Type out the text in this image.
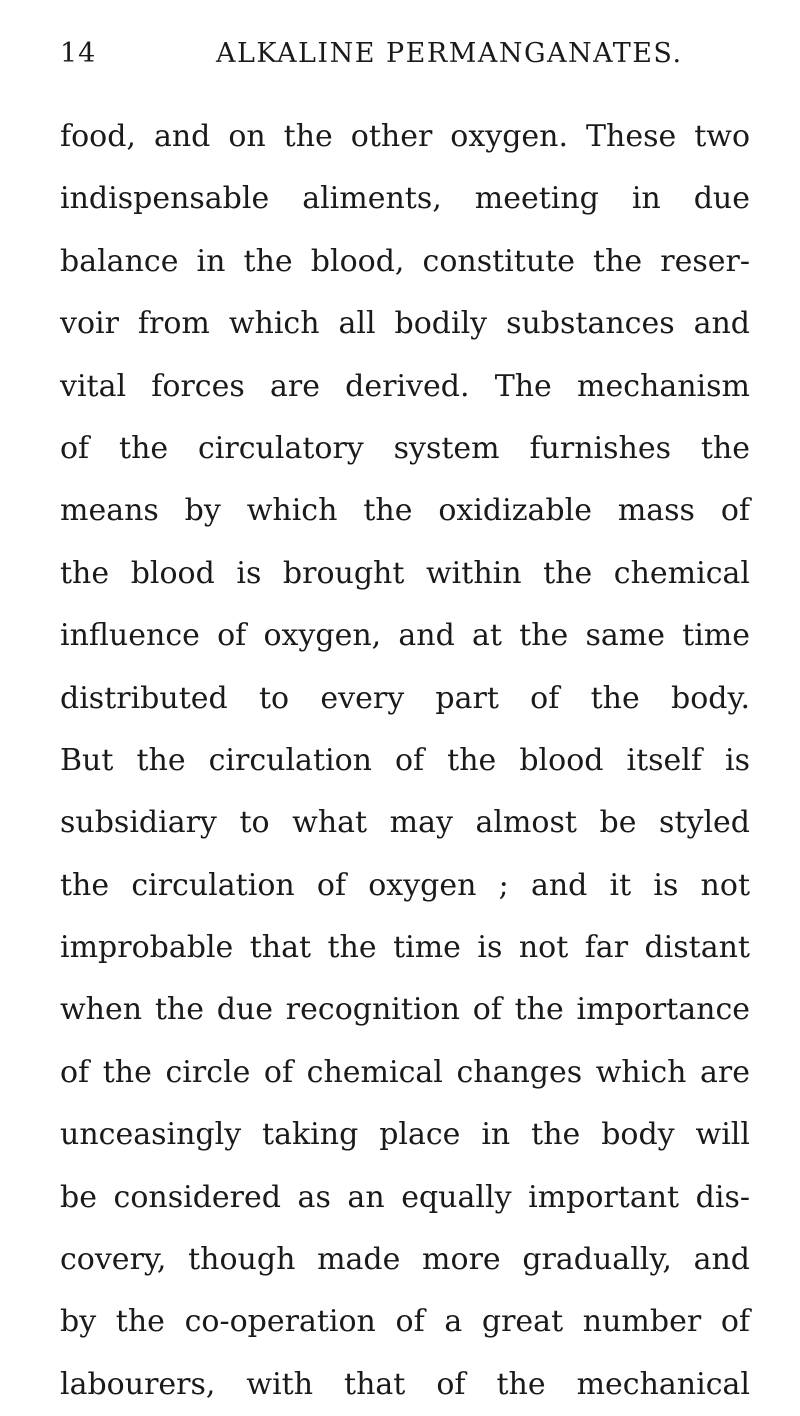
14	ALKALINE PERMANGANATES.
food, and on the other oxygen. These two
indispensable aliments, meeting in due
balance in the blood, constitute the reser-
voir from which all bodily substances and
vital forces are derived. The mechanism
of the circulatory system furnishes the
means by which the oxidizable mass of
the blood is brought within the chemical
influence of oxygen, and at the same time
distributed to every part of the body.
But the circulation of the blood itself is
subsidiary to what may almost be styled
the circulation of oxygen ; and it is not
improbable that the time is not far distant
when the due recognition of the importance
of the circle of chemical changes which are
unceasingly taking place in the body will
be considered as an equally important dis-
covery, though made more gradually, and
by the co-operation of a great number of
labourers, with that of the mechanical
